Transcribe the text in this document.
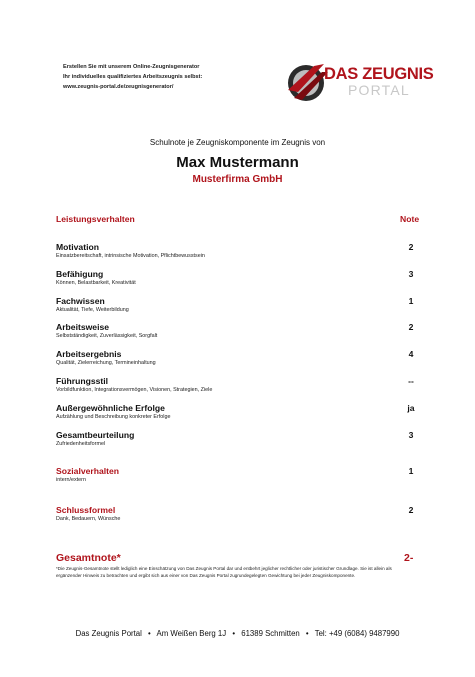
Erstellen Sie mit unserem Online-Zeugnisgenerator
Ihr individuelles qualifiziertes Arbeitszeugnis selbst:
www.zeugnis-portal.de/zeugnisgenerator/
DAS ZEUGNIS
PORTAL
Schulnote je Zeugniskomponente im Zeugnis von
Max Mustermann
Musterfirma GmbH
Leistungsverhalten	Note
Motivation
Einsatzbereitschaft, intrinsische Motivation, Pflichtbewusstsein
2
Befähigung
Können, Belastbarkeit, Kreativität
3
Fachwissen
Aktualität, Tiefe, Weiterbildung
1
Arbeitsweise
Selbstständigkeit, Zuverlässigkeit, Sorgfalt
2
Arbeitsergebnis
Qualität, Zielerreichung, Termineinhaltung
4
Führungsstil
Vorbildfunktion, Integrationsvermögen, Visionen, Strategien, Ziele
--
Außergewöhnliche Erfolge
Aufzählung und Beschreibung konkreter Erfolge
ja
Gesamtbeurteilung
Zufriedenheitsformel
3
Sozialverhalten
intern/extern
1
Schlussformel
Dank, Bedauern, Wünsche
2
Gesamtnote*	2-
*Die Zeugnis-Gesamtnote stellt lediglich eine Einschätzung von Das Zeugnis Portal dar und entbehrt jeglicher rechtlicher oder juristischer Grundlage. Sie ist allein als ergänzender Hinweis zu betrachten und ergibt sich aus einer von Das Zeugnis Portal zugrundegelegten Gewichtung bei jeder Zeugniskomponente.
Das Zeugnis Portal • Am Weißen Berg 1J • 61389 Schmitten • Tel: +49 (6084) 9487990
